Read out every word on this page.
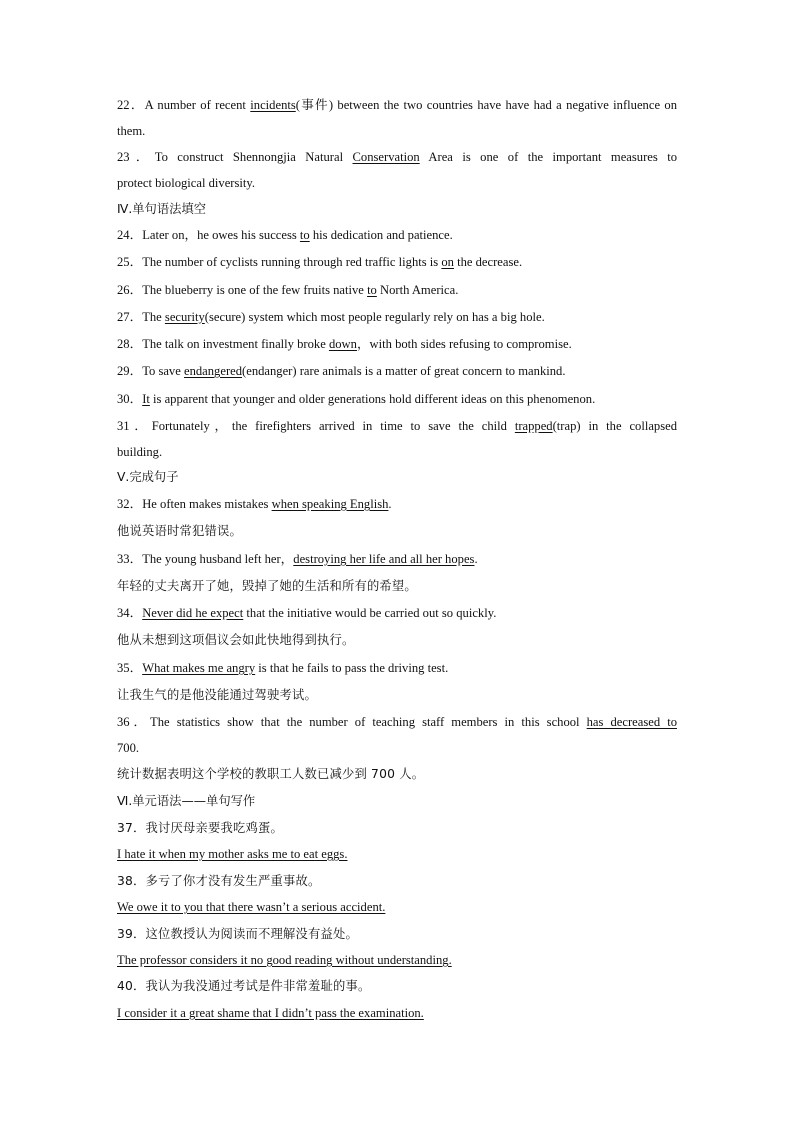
22．A number of recent incidents(事件) between the two countries have have had a negative influence on
them.
23．To construct Shennongjia Natural Conservation Area is one of the important measures to
protect biological diversity.
Ⅳ.单句语法填空
24．Later on，he owes his success to his dedication and patience.
25．The number of cyclists running through red traffic lights is on the decrease.
26．The blueberry is one of the few fruits native to North America.
27．The security(secure) system which most people regularly rely on has a big hole.
28．The talk on investment finally broke down，with both sides refusing to compromise.
29．To save endangered(endanger) rare animals is a matter of great concern to mankind.
30．It is apparent that younger and older generations hold different ideas on this phenomenon.
31．Fortunately，the firefighters arrived in time to save the child trapped(trap) in the collapsed
building.
Ⅴ.完成句子
32．He often makes mistakes when speaking English.
他说英语时常犯错误。
33．The young husband left her，destroying her life and all her hopes.
年轻的丈夫离开了她，毁掉了她的生活和所有的希望。
34．Never did he expect that the initiative would be carried out so quickly.
他从未想到这项倡议会如此快地得到执行。
35．What makes me angry is that he fails to pass the driving test.
让我生气的是他没能通过驾驶考试。
36．The statistics show that the number of teaching staff members in this school has decreased to
700.
统计数据表明这个学校的教职工人数已减少到 700 人。
Ⅵ.单元语法——单句写作
37．我讨厌母亲要我吃鸡蛋。
I hate it when my mother asks me to eat eggs.
38．多亏了你才没有发生严重事故。
We owe it to you that there wasn’t a serious accident.
39．这位教授认为阅读而不理解没有益处。
The professor considers it no good reading without understanding.
40．我认为我没通过考试是件非常羞耻的事。
I consider it a great shame that I didn’t pass the examination.
